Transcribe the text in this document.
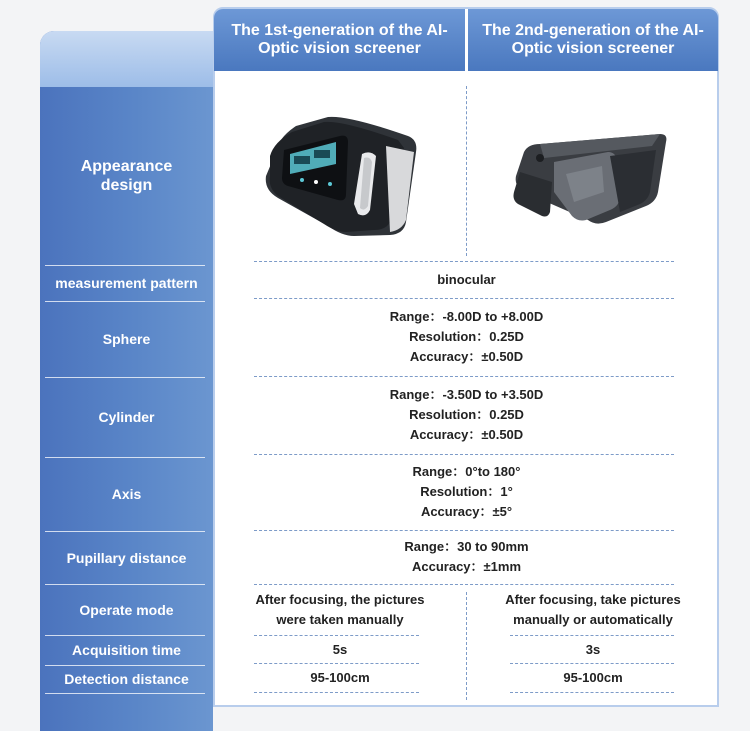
The 1st-generation of the AI-Optic vision screener
The 2nd-generation of the AI-Optic vision screener
Appearance design
measurement pattern
Sphere
Cylinder
Axis
Pupillary distance
Operate mode
Acquisition time
Detection distance
binocular
Range：-8.00D to +8.00D
Resolution：0.25D
Accuracy：±0.50D
Range：-3.50D to +3.50D
Resolution：0.25D
Accuracy：±0.50D
Range：0°to 180°
Resolution：1°
Accuracy：±5°
Range：30 to 90mm
Accuracy：±1mm
After focusing, the pictures
were taken manually
After focusing, take pictures
manually or automatically
5s	3s
95-100cm	95-100cm
